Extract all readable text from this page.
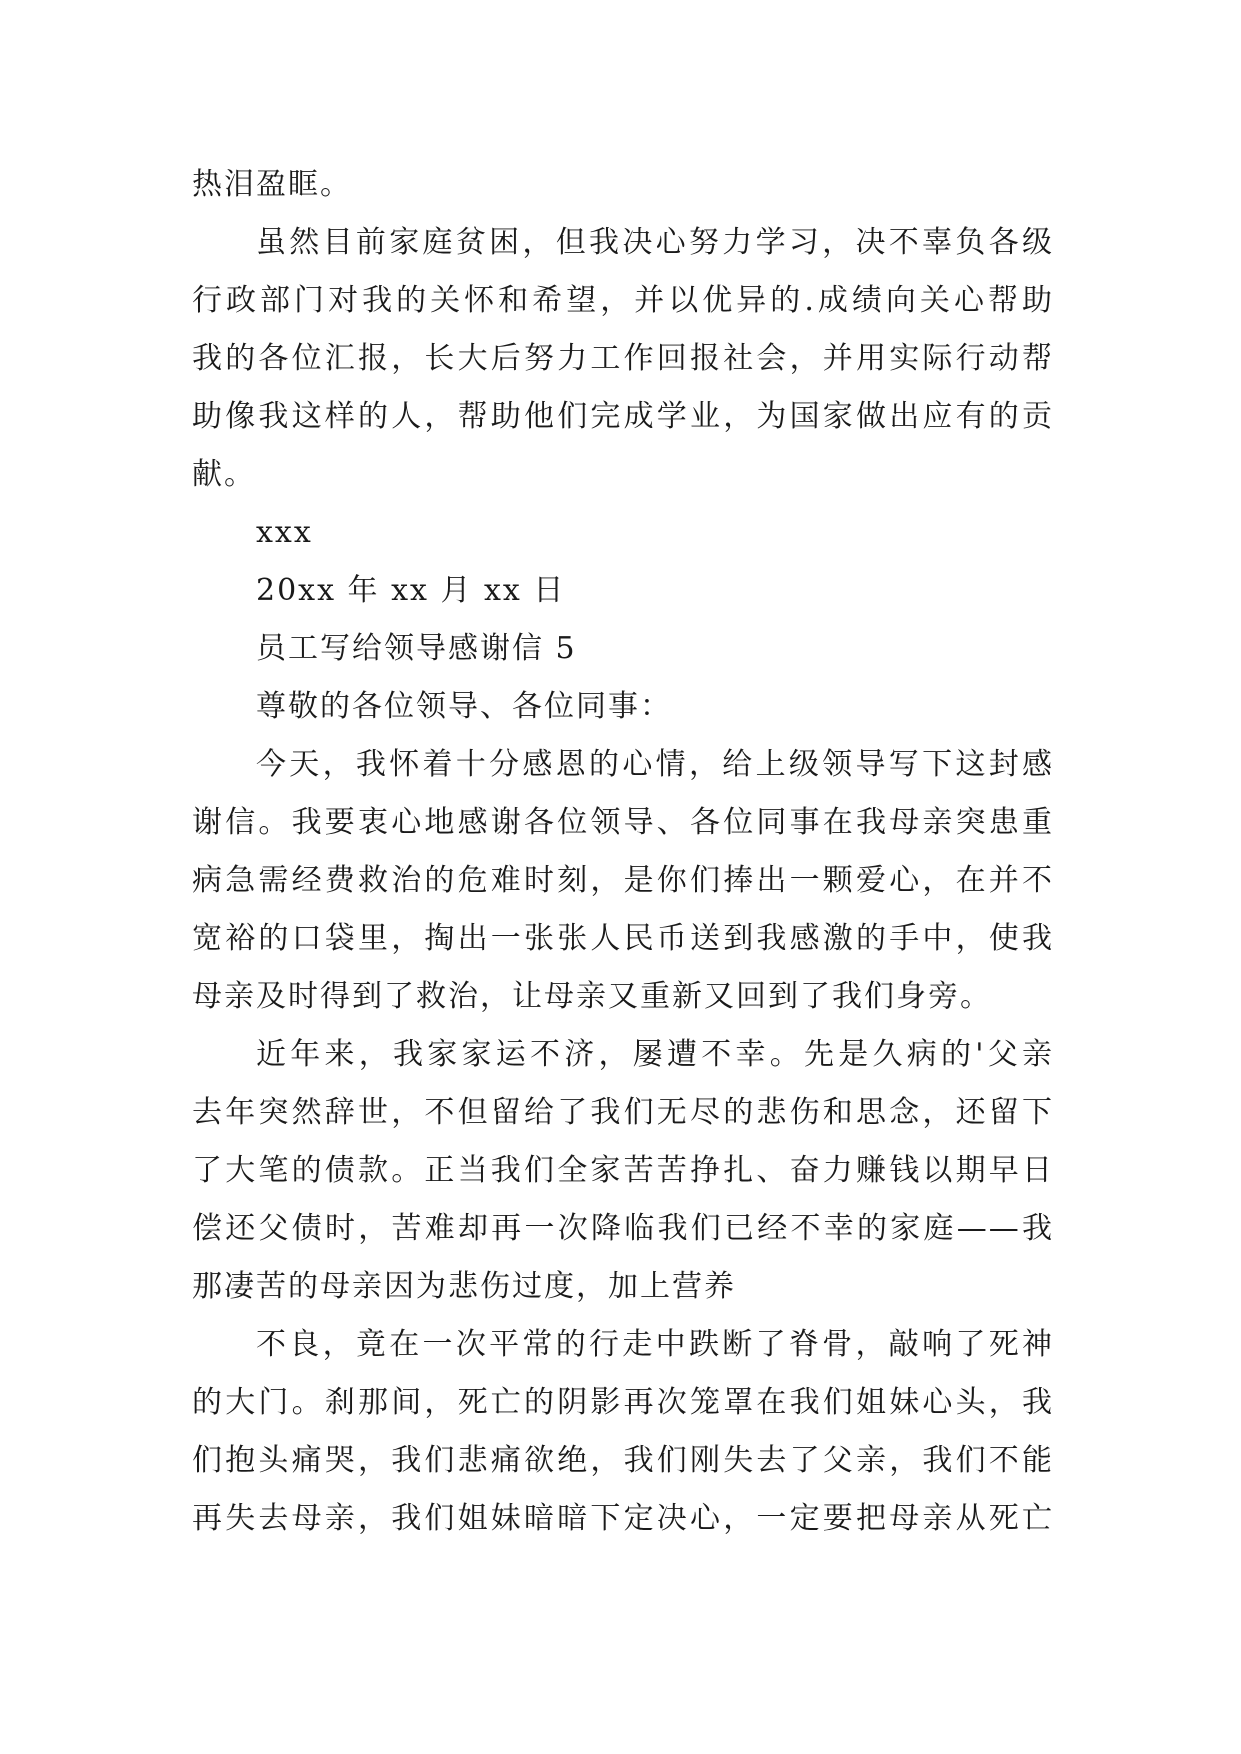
热泪盈眶。
虽然目前家庭贫困，但我决心努力学习，决不辜负各级
行政部门对我的关怀和希望，并以优异的.成绩向关心帮助
我的各位汇报，长大后努力工作回报社会，并用实际行动帮
助像我这样的人，帮助他们完成学业，为国家做出应有的贡
献。
xxx
20xx 年 xx 月 xx 日
员工写给领导感谢信 5
尊敬的各位领导、各位同事：
今天，我怀着十分感恩的心情，给上级领导写下这封感
谢信。我要衷心地感谢各位领导、各位同事在我母亲突患重
病急需经费救治的危难时刻，是你们捧出一颗爱心，在并不
宽裕的口袋里，掏出一张张人民币送到我感激的手中，使我
母亲及时得到了救治，让母亲又重新又回到了我们身旁。
近年来，我家家运不济，屡遭不幸。先是久病的'父亲
去年突然辞世，不但留给了我们无尽的悲伤和思念，还留下
了大笔的债款。正当我们全家苦苦挣扎、奋力赚钱以期早日
偿还父债时，苦难却再一次降临我们已经不幸的家庭——我
那凄苦的母亲因为悲伤过度，加上营养
不良，竟在一次平常的行走中跌断了脊骨，敲响了死神
的大门。刹那间，死亡的阴影再次笼罩在我们姐妹心头，我
们抱头痛哭，我们悲痛欲绝，我们刚失去了父亲，我们不能
再失去母亲，我们姐妹暗暗下定决心，一定要把母亲从死亡
